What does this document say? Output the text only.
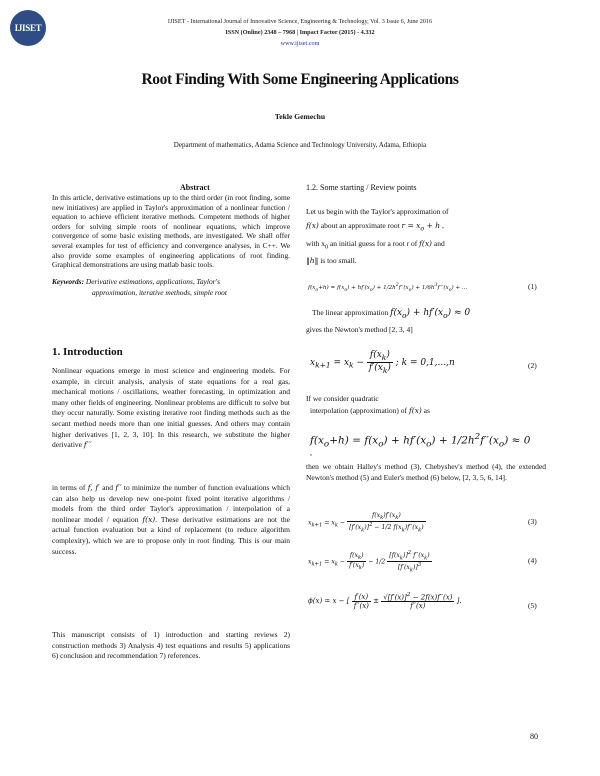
IJISET
IJISET - International Journal of Innovative Science, Engineering & Technology, Vol. 3 Issue 6, June 2016
ISSN (Online) 2348 – 7968 | Impact Factor (2015) - 4.332
www.ijiset.com
Root Finding With Some Engineering Applications
Tekle Gemechu
Department of mathematics, Adama Science and Technology University, Adama, Ethiopia
Abstract
In this article, derivative estimations up to the third order (in root finding, some new initiatives) are applied in Taylor's approximation of a nonlinear function / equation to achieve efficient iterative methods. Competent methods of higher orders for solving simple roots of nonlinear equations, which improve convergence of some basic existing methods, are investigated. We shall offer several examples for test of efficiency and convergence analyses, in C++. We also provide some examples of engineering applications of root finding. Graphical demonstrations are using matlab basic tools.
Keywords: Derivative estimations, applications, Taylor's
approximation, iterative methods, simple root
1. Introduction
Nonlinear equations emerge in most science and engineering models. For example, in circuit analysis, analysis of state equations for a real gas, mechanical motions / oscillations, weather forecasting, in optimization and many other fields of engineering. Nonlinear problems are difficult to solve but they occur naturally. Some existing iterative root finding methods such as the secant method needs more than one initial guesses. And others may contain higher derivatives [1, 2, 3, 10]. In this research, we substitute the higher derivative f′′′
in terms of f, f′ and f′′ to minimize the number of function evaluations which can also help us develop new one-point fixed point iterative algorithms / models from the third order Taylor's approximation / interpolation of a nonlinear model / equation f(x). These derivative estimations are not the actual function evaluation but a kind of replacement (to reduce algorithm complexity), which we are to propose only in root finding. This is our main success.
This manuscript consists of 1) introduction and starting reviews 2) construction methods 3) Analysis 4) test equations and results 5) applications 6) conclusion and recommendation 7) references.
1.2. Some starting / Review points
Let us begin with the Taylor's approximation of
f(x) about an approximate root $r = x_o + h$ ,
with $x_0$ an initial guess for a root r of f(x) and
‖h‖ is too small.
$f(x_o+h) = f(x_o) + hf'(x_o) + 1/2h^2f''(x_o) + 1/6h^3f'''(x_o)$ + ...	(1)
The linear approximation $f(x_o) + hf'(x_o) \approx 0$
gives the Newton's method [2, 3, 4]
$x_{k+1} = x_k - \frac{f(x_k)}{f'(x_k)}$ ; k = 0,1,...,n	(2)
If we consider quadratic
interpolation (approximation) of f(x) as
$f(x_o+h) = f(x_o) + hf'(x_o) + 1/2h^2f''(x_o) \approx 0$
,
then we obtain Halley's method (3), Chebyshev's method (4), the extended Newton's method (5) and Euler's method (6) below, [2, 3, 5, 6, 14].
$x_{k+1} = x_k - \frac{f(x_k)f'(x_k)}{[f'(x_k)]^2 - 1/2 f(x_k)f''(x_k)}$	(3)
$x_{k+1} = x_k - \frac{f(x_k)}{f'(x_k)} - 1/2 \frac{[f(x_k)]^2 f''(x_k)}{[f'(x_k)]^3}$	(4)
ϕ(x) = x − [ $\frac{f'(x)}{f''(x)} \pm \frac{√[f'(x)]^2 - 2f(x)f''(x)}{f''(x)}$ ].	(5)
80
